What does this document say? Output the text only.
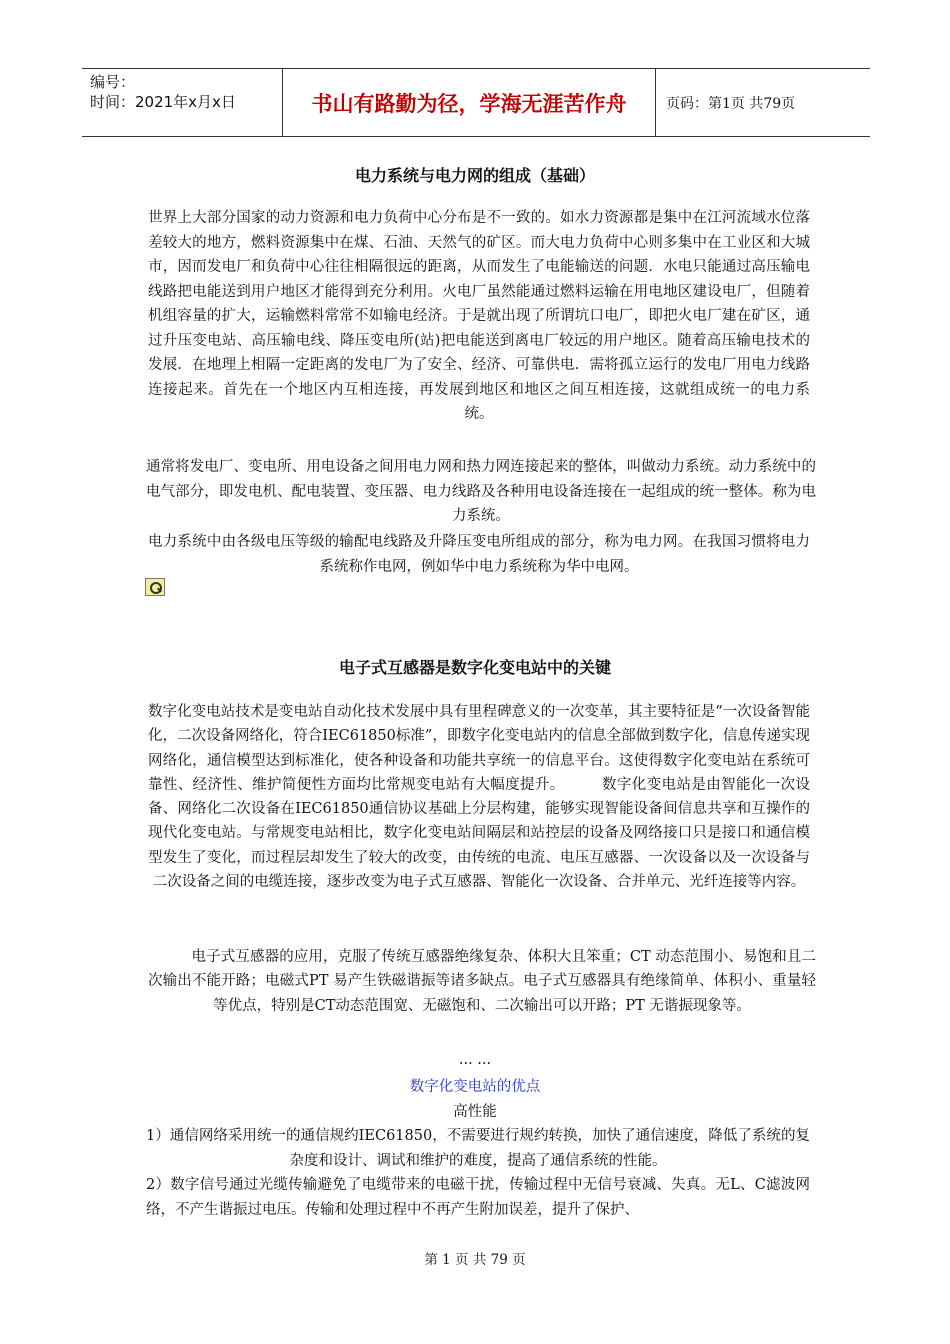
编号：
时间：2021年x月x日	书山有路勤为径，学海无涯苦作舟	页码：第1页 共79页
电力系统与电力网的组成（基础）
世界上大部分国家的动力资源和电力负荷中心分布是不一致的。如水力资源都是集中在江河流域水位落差较大的地方，燃料资源集中在煤、石油、天然气的矿区。而大电力负荷中心则多集中在工业区和大城市，因而发电厂和负荷中心往往相隔很远的距离，从而发生了电能输送的问题．水电只能通过高压输电线路把电能送到用户地区才能得到充分利用。火电厂虽然能通过燃料运输在用电地区建设电厂，但随着机组容量的扩大，运输燃料常常不如输电经济。于是就出现了所谓坑口电厂，即把火电厂建在矿区，通过升压变电站、高压输电线、降压变电所(站)把电能送到离电厂较远的用户地区。随着高压输电技术的发展．在地理上相隔一定距离的发电厂为了安全、经济、可靠供电．需将孤立运行的发电厂用电力线路连接起来。首先在一个地区内互相连接，再发展到地区和地区之间互相连接，这就组成统一的电力系统。
通常将发电厂、变电所、用电设备之间用电力网和热力网连接起来的整体，叫做动力系统。动力系统中的电气部分，即发电机、配电装置、变压器、电力线路及各种用电设备连接在一起组成的统一整体。称为电力系统。
电力系统中由各级电压等级的输配电线路及升降压变电所组成的部分，称为电力网。在我国习惯将电力系统称作电网，例如华中电力系统称为华中电网。
电子式互感器是数字化变电站中的关键
数字化变电站技术是变电站自动化技术发展中具有里程碑意义的一次变革，其主要特征是“一次设备智能化，二次设备网络化，符合IEC61850标准”，即数字化变电站内的信息全部做到数字化，信息传递实现网络化，通信模型达到标准化，使各种设备和功能共享统一的信息平台。这使得数字化变电站在系统可靠性、经济性、维护简便性方面均比常规变电站有大幅度提升。　　　数字化变电站是由智能化一次设备、网络化二次设备在IEC61850通信协议基础上分层构建，能够实现智能设备间信息共享和互操作的现代化变电站。与常规变电站相比，数字化变电站间隔层和站控层的设备及网络接口只是接口和通信模型发生了变化，而过程层却发生了较大的改变，由传统的电流、电压互感器、一次设备以及一次设备与二次设备之间的电缆连接，逐步改变为电子式互感器、智能化一次设备、合并单元、光纤连接等内容。
电子式互感器的应用，克服了传统互感器绝缘复杂、体积大且笨重；CT 动态范围小、易饱和且二次输出不能开路；电磁式PT 易产生铁磁谐振等诸多缺点。电子式互感器具有绝缘简单、体积小、重量轻等优点，特别是CT动态范围宽、无磁饱和、二次输出可以开路；PT 无谐振现象等。
... ...
数字化变电站的优点
高性能
1）通信网络采用统一的通信规约IEC61850，不需要进行规约转换，加快了通信速度，降低了系统的复杂度和设计、调试和维护的难度，提高了通信系统的性能。
2）数字信号通过光缆传输避免了电缆带来的电磁干扰，传输过程中无信号衰减、失真。无L、C滤波网络，不产生谐振过电压。传输和处理过程中不再产生附加误差，提升了保护、
第 1 页 共 79 页
